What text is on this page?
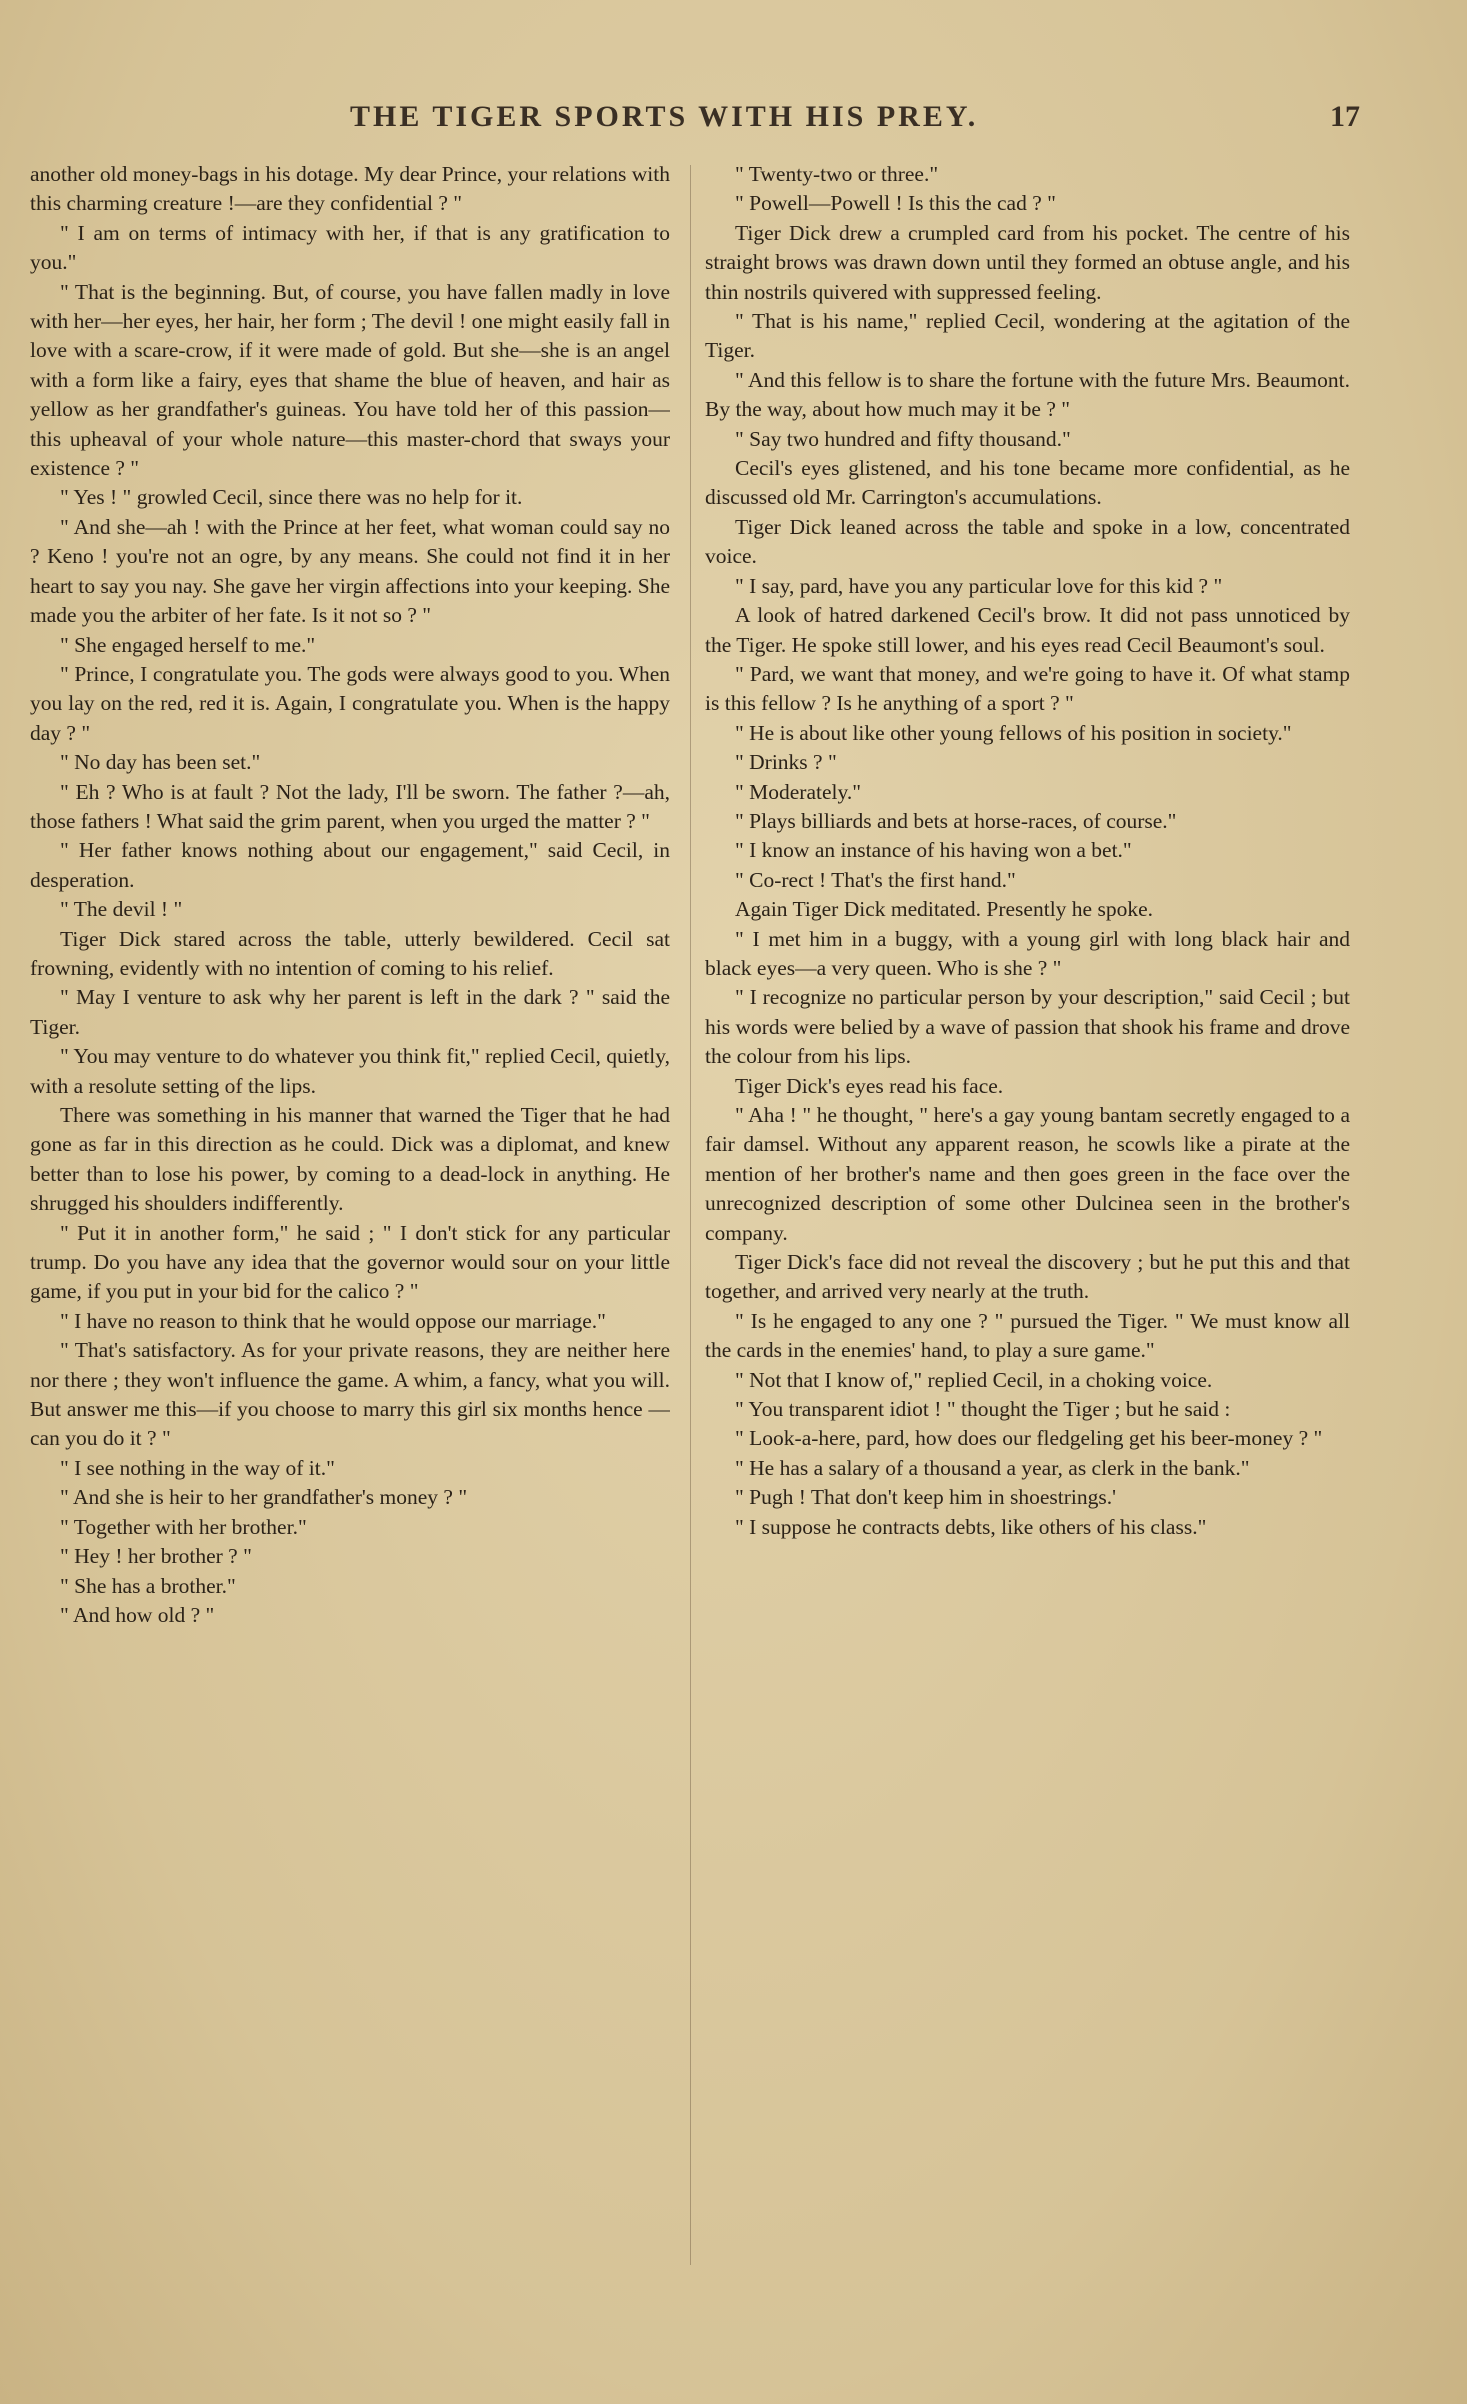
THE TIGER SPORTS WITH HIS PREY.	17

another old money-bags in his dotage. My dear Prince, your relations with this charming creature !—are they confidential ? "

" I am on terms of intimacy with her, if that is any gratification to you."

" That is the beginning. But, of course, you have fallen madly in love with her—her eyes, her hair, her form ; The devil ! one might easily fall in love with a scare-crow, if it were made of gold. But she—she is an angel with a form like a fairy, eyes that shame the blue of heaven, and hair as yellow as her grandfather's guineas. You have told her of this passion—this upheaval of your whole nature—this master-chord that sways your existence ? "

" Yes ! " growled Cecil, since there was no help for it.

" And she—ah ! with the Prince at her feet, what woman could say no ? Keno ! you're not an ogre, by any means. She could not find it in her heart to say you nay. She gave her virgin affections into your keeping. She made you the arbiter of her fate. Is it not so ? "

" She engaged herself to me."

" Prince, I congratulate you. The gods were always good to you. When you lay on the red, red it is. Again, I congratulate you. When is the happy day ? "

" No day has been set."

" Eh ? Who is at fault ? Not the lady, I'll be sworn. The father ?—ah, those fathers ! What said the grim parent, when you urged the matter ? "

" Her father knows nothing about our engagement," said Cecil, in desperation.

" The devil ! "

Tiger Dick stared across the table, utterly bewildered. Cecil sat frowning, evidently with no intention of coming to his relief.

" May I venture to ask why her parent is left in the dark ? " said the Tiger.

" You may venture to do whatever you think fit," replied Cecil, quietly, with a resolute setting of the lips.

There was something in his manner that warned the Tiger that he had gone as far in this direction as he could. Dick was a diplomat, and knew better than to lose his power, by coming to a dead-lock in anything. He shrugged his shoulders indifferently.

" Put it in another form," he said ; " I don't stick for any particular trump. Do you have any idea that the governor would sour on your little game, if you put in your bid for the calico ? "

" I have no reason to think that he would oppose our marriage."

" That's satisfactory. As for your private reasons, they are neither here nor there ; they won't influence the game. A whim, a fancy, what you will. But answer me this—if you choose to marry this girl six months hence —can you do it ? "

" I see nothing in the way of it."

" And she is heir to her grandfather's money ? "

" Together with her brother."

" Hey ! her brother ? "

" She has a brother."

" And how old ? "

" Twenty-two or three."

" Powell—Powell ! Is this the cad ? "

Tiger Dick drew a crumpled card from his pocket. The centre of his straight brows was drawn down until they formed an obtuse angle, and his thin nostrils quivered with suppressed feeling.

" That is his name," replied Cecil, wondering at the agitation of the Tiger.

" And this fellow is to share the fortune with the future Mrs. Beaumont. By the way, about how much may it be ? "

" Say two hundred and fifty thousand."

Cecil's eyes glistened, and his tone became more confidential, as he discussed old Mr. Carrington's accumulations.

Tiger Dick leaned across the table and spoke in a low, concentrated voice.

" I say, pard, have you any particular love for this kid ? "

A look of hatred darkened Cecil's brow. It did not pass unnoticed by the Tiger. He spoke still lower, and his eyes read Cecil Beaumont's soul.

" Pard, we want that money, and we're going to have it. Of what stamp is this fellow ? Is he anything of a sport ? "

" He is about like other young fellows of his position in society."

" Drinks ? "

" Moderately."

" Plays billiards and bets at horse-races, of course."

" I know an instance of his having won a bet."

" Co-rect ! That's the first hand."

Again Tiger Dick meditated. Presently he spoke.

" I met him in a buggy, with a young girl with long black hair and black eyes—a very queen. Who is she ? "

" I recognize no particular person by your description," said Cecil ; but his words were belied by a wave of passion that shook his frame and drove the colour from his lips.

Tiger Dick's eyes read his face.

" Aha ! " he thought, " here's a gay young bantam secretly engaged to a fair damsel. Without any apparent reason, he scowls like a pirate at the mention of her brother's name and then goes green in the face over the unrecognized description of some other Dulcinea seen in the brother's company.

Tiger Dick's face did not reveal the discovery ; but he put this and that together, and arrived very nearly at the truth.

" Is he engaged to any one ? " pursued the Tiger. " We must know all the cards in the enemies' hand, to play a sure game."

" Not that I know of," replied Cecil, in a choking voice.

" You transparent idiot ! " thought the Tiger ; but he said :

" Look-a-here, pard, how does our fledgeling get his beer-money ? "

" He has a salary of a thousand a year, as clerk in the bank."

" Pugh ! That don't keep him in shoestrings.'

" I suppose he contracts debts, like others of his class."
